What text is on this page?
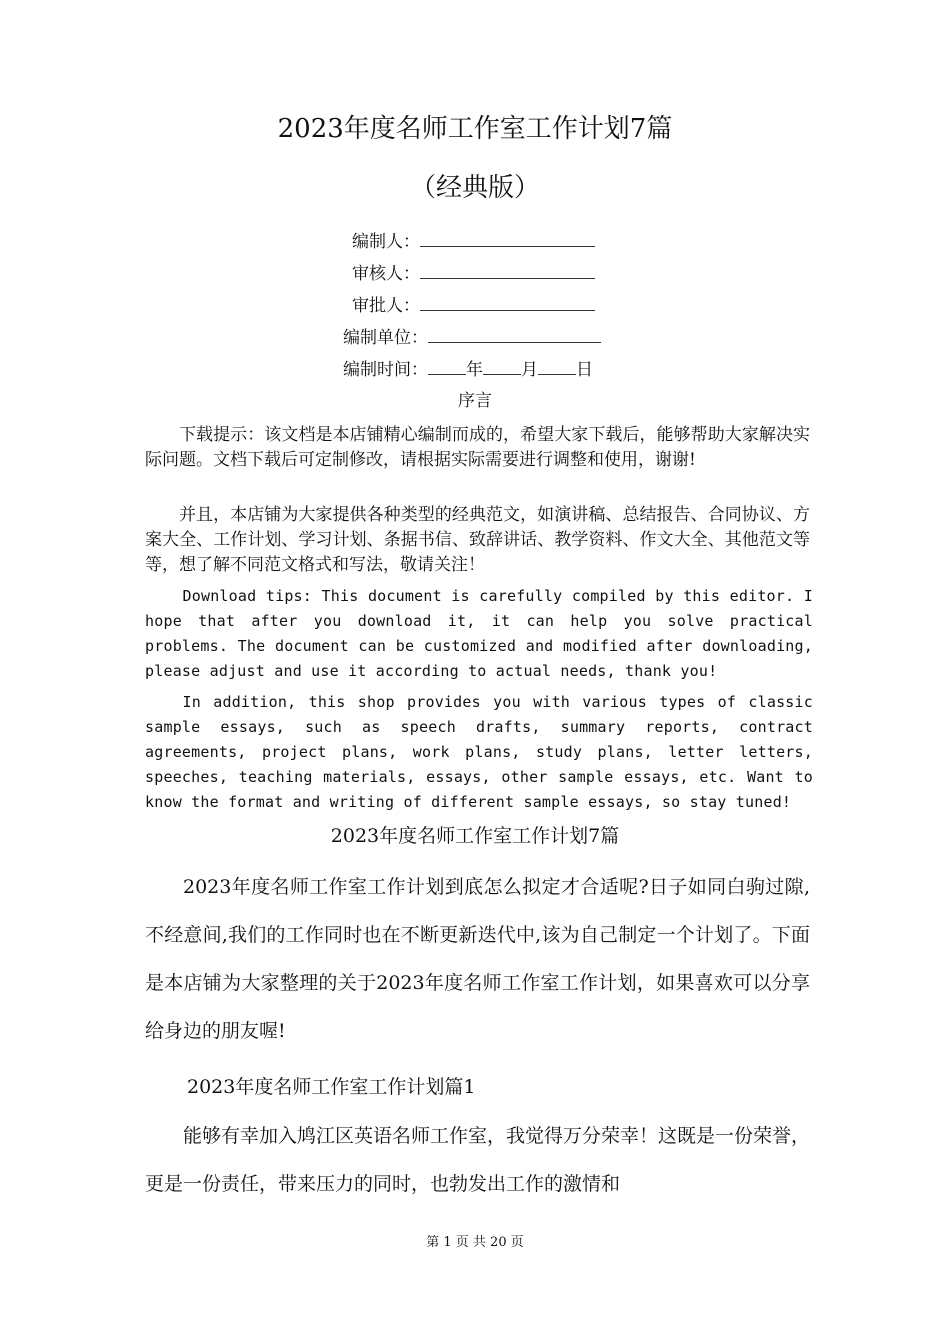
2023年度名师工作室工作计划7篇
（经典版）
编制人：
审核人：
审批人：
编制单位：
编制时间： 年 月 日
序言
下载提示：该文档是本店铺精心编制而成的，希望大家下载后，能够帮助大家解决实际问题。文档下载后可定制修改，请根据实际需要进行调整和使用，谢谢!
并且，本店铺为大家提供各种类型的经典范文，如演讲稿、总结报告、合同协议、方案大全、工作计划、学习计划、条据书信、致辞讲话、教学资料、作文大全、其他范文等等，想了解不同范文格式和写法，敬请关注！
Download tips: This document is carefully compiled by this editor. I hope that after you download it, it can help you solve practical problems. The document can be customized and modified after downloading, please adjust and use it according to actual needs, thank you!
In addition, this shop provides you with various types of classic sample essays, such as speech drafts, summary reports, contract agreements, project plans, work plans, study plans, letter letters, speeches, teaching materials, essays, other sample essays, etc. Want to know the format and writing of different sample essays, so stay tuned!
2023年度名师工作室工作计划7篇
2023年度名师工作室工作计划到底怎么拟定才合适呢?日子如同白驹过隙,不经意间,我们的工作同时也在不断更新迭代中,该为自己制定一个计划了。下面是本店铺为大家整理的关于2023年度名师工作室工作计划，如果喜欢可以分享给身边的朋友喔!
2023年度名师工作室工作计划篇1
能够有幸加入鸠江区英语名师工作室，我觉得万分荣幸！这既是一份荣誉，更是一份责任，带来压力的同时，也勃发出工作的激情和
第 1 页 共 20 页
